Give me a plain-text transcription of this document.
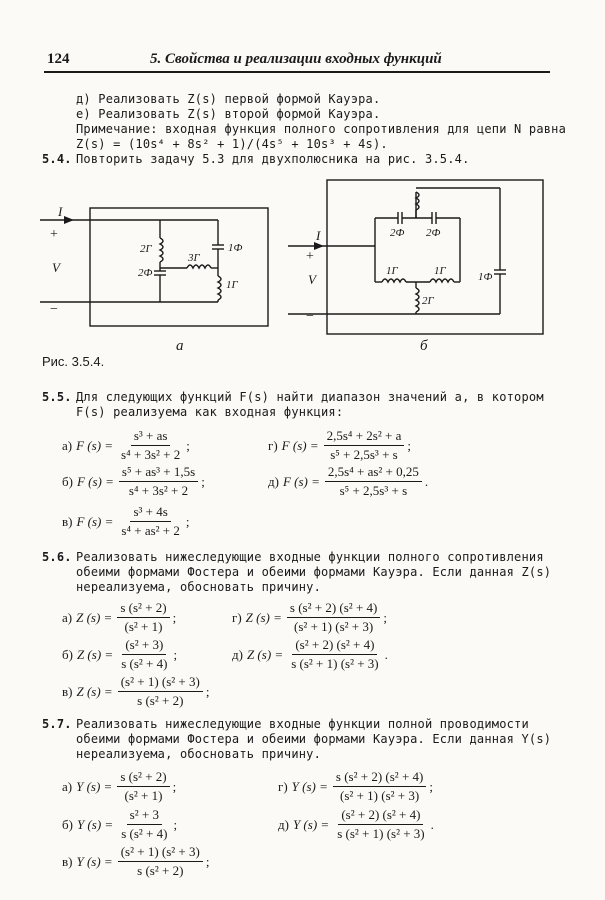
124	5. Свойства и реализации входных функций
д) Реализовать Z(s) первой формой Кауэра.
е) Реализовать Z(s) второй формой Кауэра.
Примечание: входная функция полного сопротивления для цепи N равна
Z(s) = (10s⁴ + 8s² + 1)/(4s⁵ + 10s³ + 4s).
5.4. Повторить задачу 5.3 для двухполюсника на рис. 3.5.4.
I
+
V
−
2Г	1Ф
3Г
2Ф
1Г
I
+
V
−
2Ф 2Ф
1Г	1Г
2Г
1Ф
а	б
Рис. 3.5.4.
5.5. Для следующих функций F(s) найти диапазон значений a, в котором
F(s) реализуема как входная функция:
а) F $(s) = \frac{\text{s³ + as}}{\text{s⁴ + 3s² + 2}}$ ;	г) F $(s) = \frac{\text{2,5s⁴ + 2s² + a}}{\text{s⁵ + 2,5s³ + s}}$ ;
б) F $(s) = \frac{\text{s⁵ + as³ + 1,5s}}{\text{s⁴ + 3s² + 2}}$ ;	д) F $(s) = \frac{\text{2,5s⁴ + as² + 0,25}}{\text{s⁵ + 2,5s³ + s}}$ .
в) F $(s) = \frac{\text{s³ + 4s}}{\text{s⁴ + as² + 2}}$ ;
5.6. Реализовать нижеследующие входные функции полного сопротивления
обеими формами Фостера и обеими формами Кауэра. Если данная Z(s)
нереализуема, обосновать причину.
а) Z $(s) = \frac{\text{s (s² + 2)}}{\text{(s² + 1)}}$ ;	г) Z $(s) = \frac{\text{s (s² + 2) (s² + 4)}}{\text{(s² + 1) (s² + 3)}}$ ;
б) Z $(s) = \frac{\text{(s² + 3)}}{\text{s (s² + 4)}}$ ;	д) Z $(s) = \frac{\text{(s² + 2) (s² + 4)}}{\text{s (s² + 1) (s² + 3)}}$ .
в) Z $(s) = \frac{\text{(s² + 1) (s² + 3)}}{\text{s (s² + 2)}}$ ;
5.7. Реализовать нижеследующие входные функции полной проводимости
обеими формами Фостера и обеими формами Кауэра. Если данная Y(s)
нереализуема, обосновать причину.
а) Y $(s) = \frac{\text{s (s² + 2)}}{\text{(s² + 1)}}$ ;	г) Y $(s) = \frac{\text{s (s² + 2) (s² + 4)}}{\text{(s² + 1) (s² + 3)}}$ ;
б) Y $(s) = \frac{\text{s² + 3}}{\text{s (s² + 4)}}$ ;	д) Y $(s) = \frac{\text{(s² + 2) (s² + 4)}}{\text{s (s² + 1) (s² + 3)}}$ .
в) Y $(s) = \frac{\text{(s² + 1) (s² + 3)}}{\text{s (s² + 2)}}$ ;
